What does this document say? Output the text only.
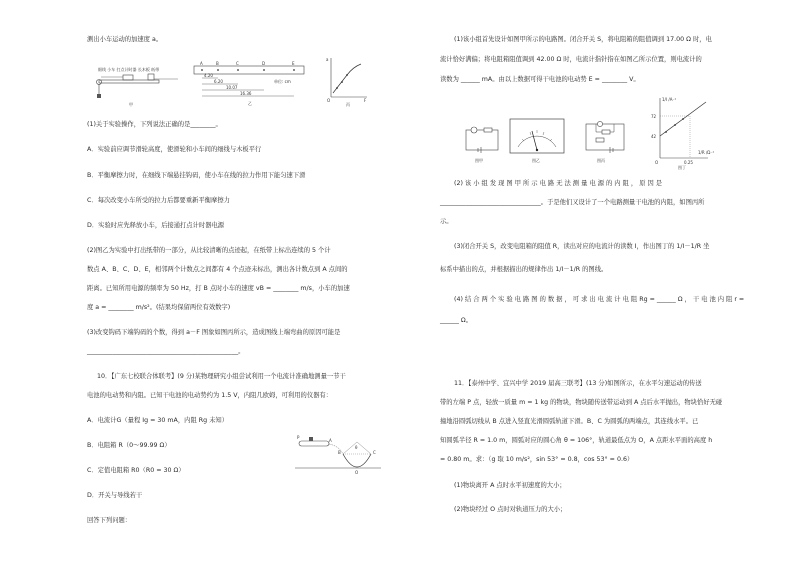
测出小车运动的加速度 a。
细线 小车 打点计时器 长木板 纸带
甲
A	B	C	D	E
4.20
6.20
10.07
16.36
单位: cm
乙
a
F
O
丙
(1)关于实验操作，下列说法正确的是________。
A．实验前应调节滑轮高度，使滑轮和小车间的细线与木板平行
B．平衡摩擦力时，在细线下端悬挂钩码，使小车在线的拉力作用下能匀速下滑
C．每次改变小车所受的拉力后都要重新平衡摩擦力
D．实验时应先释放小车，后接通打点计时器电源
(2)图乙为实验中打出纸带的一部分，从比较清晰的点迹起，在纸带上标出连续的 5 个计
数点 A、B、C、D、E，相邻两个计数点之间都有 4 个点迹未标出，测出各计数点到 A 点间的
距离。已知所用电源的频率为 50 Hz，打 B 点时小车的速度 vB = ________ m/s，小车的加速
度 a = ________ m/s²。(结果均保留两位有效数字)
(3)改变钩码下端钩码的个数，得到 a－F 图象如图丙所示，造成图线上端弯曲的原因可能是
________________________________________________。
10．【广东七校联合体联考】(9 分)某物理研究小组尝试利用一个电流计准确地测量一节干
电池的电动势和内阻。已知干电池的电动势约为 1.5 V，内阻几欧姆，可利用的仪器有：
A．电流计G（量程 Ig = 30 mA，内阻 Rg 未知）
B．电阻箱 R（0～99.99 Ω）
C．定值电阻箱 R0（R0 = 30 Ω）
D．开关与导线若干
回答下列问题：
P
A
B
O
C
θ
(1)该小组首先设计如图甲所示的电路图。闭合开关 S，将电阻箱的阻值调到 17.00 Ω 时，电
流计恰好满偏；将电阻箱阻值调到 42.00 Ω 时，电流计指针指在如图乙所示位置，则电流计的
读数为 ______ mA。由以上数据可得干电池的电动势 E = ________ V。
图甲	图乙	图丙
1/I /A⁻¹
72
42
1/R /Ω⁻¹
0.25
O
图丁
(2) 该 小 组 发 现 图 甲 所 示 电 路 无 法 测 量 电 源 的 内 阻 ， 原 因 是
________________________________。于是他们又设计了一个电路测量干电池的内阻，如图丙所
示。
(3)闭合开关 S，改变电阻箱的阻值 R，读出对应的电流计的读数 I，作出图丁的 1/I－1/R 坐
标系中描出的点，并根据描出的规律作出 1/I－1/R 的图线。
(4) 结 合 两 个 实 验 电 路 图 的 数 据 ， 可 求 出 电 流 计 电 阻 Rg = ______ Ω ， 干 电 池 内 阻 r =
______ Ω。
11．【泰州中学、宜兴中学 2019 届高三联考】(13 分)如图所示，在水平匀速运动的传送
带的左端 P 点，轻放一质量 m = 1 kg 的物块，物块随传送带运动到 A 点后水平抛出，物块恰好无碰
撞地沿圆弧切线从 B 点进入竖直光滑圆弧轨道下滑。B、C 为圆弧的两端点，其连线水平。已
知圆弧半径 R = 1.0 m，圆弧对应的圆心角 θ = 106°，轨道最低点为 O，A 点距水平面的高度 h
= 0.80 m。求：（g 取 10 m/s²，sin 53° = 0.8，cos 53° = 0.6）
(1)物块离开 A 点时水平初速度的大小；
(2)物块经过 O 点时对轨道压力的大小；
